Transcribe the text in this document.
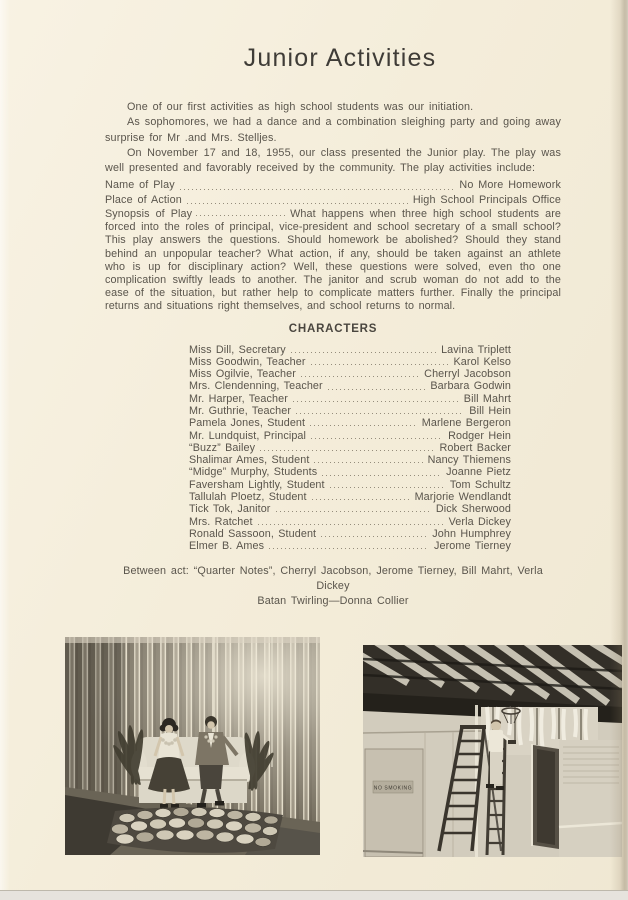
Junior Activities

One of our first activities as high school students was our initiation.

As sophomores, we had a dance and a combination sleighing party and going away surprise for Mr .and Mrs. Stelljes.

On November 17 and 18, 1955, our class presented the Junior play. The play was well presented and favorably received by the community. The play activities include:

Name of Play	No More Homework
Place of Action	High School Principals Office

Synopsis of Play	What happens when three high school students are forced into the roles of principal, vice-president and school secretary of a small school? This play answers the questions. Should homework be abolished? Should they stand behind an unpopular teacher? What action, if any, should be taken against an athlete who is up for disciplinary action? Well, these questions were solved, even tho one complication swiftly leads to another. The janitor and scrub woman do not add to the ease of the situation, but rather help to complicate matters further. Finally the principal returns and situations right themselves, and school returns to normal.

CHARACTERS
Miss Dill, Secretary	Lavina Triplett
Miss Goodwin, Teacher	Karol Kelso
Miss Ogilvie, Teacher	Cherryl Jacobson
Mrs. Clendenning, Teacher	Barbara Godwin
Mr. Harper, Teacher	Bill Mahrt
Mr. Guthrie, Teacher	Bill Hein
Pamela Jones, Student	Marlene Bergeron
Mr. Lundquist, Principal	Rodger Hein
“Buzz” Bailey	Robert Backer
Shalimar Ames, Student	Nancy Thiemens
“Midge” Murphy, Students	Joanne Pietz
Faversham Lightly, Student	Tom Schultz
Tallulah Ploetz, Student	Marjorie Wendlandt
Tick Tok, Janitor	Dick Sherwood
Mrs. Ratchet	Verla Dickey
Ronald Sassoon, Student	John Humphrey
Elmer B. Ames	Jerome Tierney
Between act: “Quarter Notes”, Cherryl Jacobson, Jerome Tierney, Bill Mahrt, Verla
Dickey
Batan Twirling—Donna Collier
NO SMOKING
